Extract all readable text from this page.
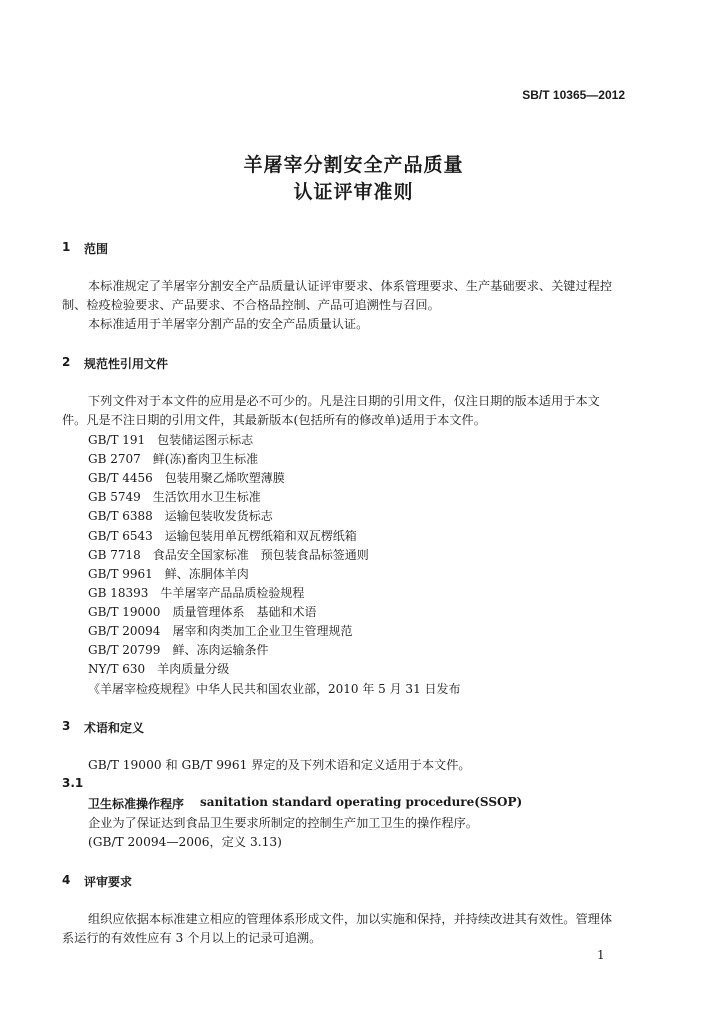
SB/T 10365—2012
羊屠宰分割安全产品质量
认证评审准则
1 范围
本标准规定了羊屠宰分割安全产品质量认证评审要求、体系管理要求、生产基础要求、关键过程控
制、检疫检验要求、产品要求、不合格品控制、产品可追溯性与召回。
本标准适用于羊屠宰分割产品的安全产品质量认证。
2 规范性引用文件
下列文件对于本文件的应用是必不可少的。凡是注日期的引用文件，仅注日期的版本适用于本文
件。凡是不注日期的引用文件，其最新版本(包括所有的修改单)适用于本文件。
GB/T 191　包装储运图示标志
GB 2707　鲜(冻)畜肉卫生标准
GB/T 4456　包装用聚乙烯吹塑薄膜
GB 5749　生活饮用水卫生标准
GB/T 6388　运输包装收发货标志
GB/T 6543　运输包装用单瓦楞纸箱和双瓦楞纸箱
GB 7718　食品安全国家标准　预包装食品标签通则
GB/T 9961　鲜、冻胴体羊肉
GB 18393　牛羊屠宰产品品质检验规程
GB/T 19000　质量管理体系　基础和术语
GB/T 20094　屠宰和肉类加工企业卫生管理规范
GB/T 20799　鲜、冻肉运输条件
NY/T 630　羊肉质量分级
《羊屠宰检疫规程》中华人民共和国农业部，2010 年 5 月 31 日发布
3 术语和定义
GB/T 19000 和 GB/T 9961 界定的及下列术语和定义适用于本文件。
3.1
卫生标准操作程序 sanitation standard operating procedure(SSOP)
企业为了保证达到食品卫生要求所制定的控制生产加工卫生的操作程序。
(GB/T 20094—2006，定义 3.13)
4 评审要求
组织应依据本标准建立相应的管理体系形成文件，加以实施和保持，并持续改进其有效性。管理体
系运行的有效性应有 3 个月以上的记录可追溯。
1
